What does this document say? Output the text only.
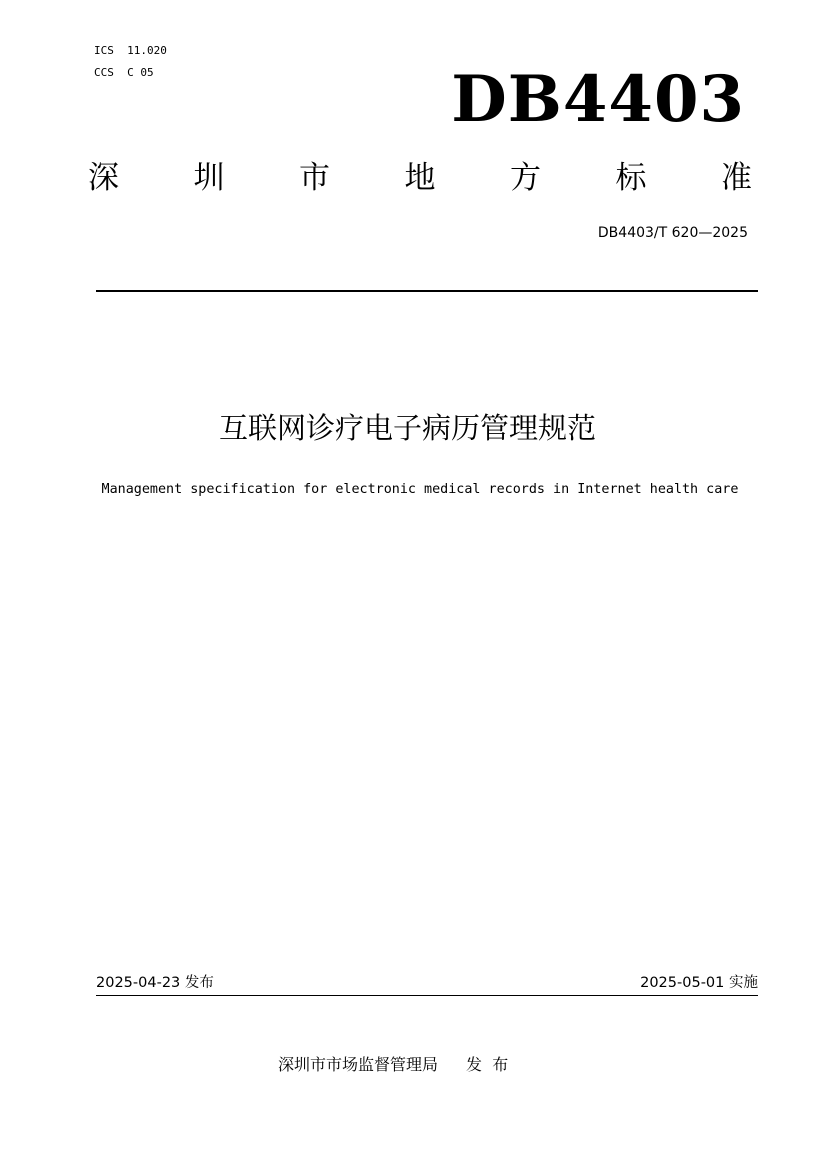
ICS  11.020
CCS  C 05	DB4403
深 圳 市 地 方 标 准
DB4403/T 620—2025
互联网诊疗电子病历管理规范
Management specification for electronic medical records in Internet health care
2025-04-23 发布	2025-05-01 实施
深圳市市场监督管理局 发  布
